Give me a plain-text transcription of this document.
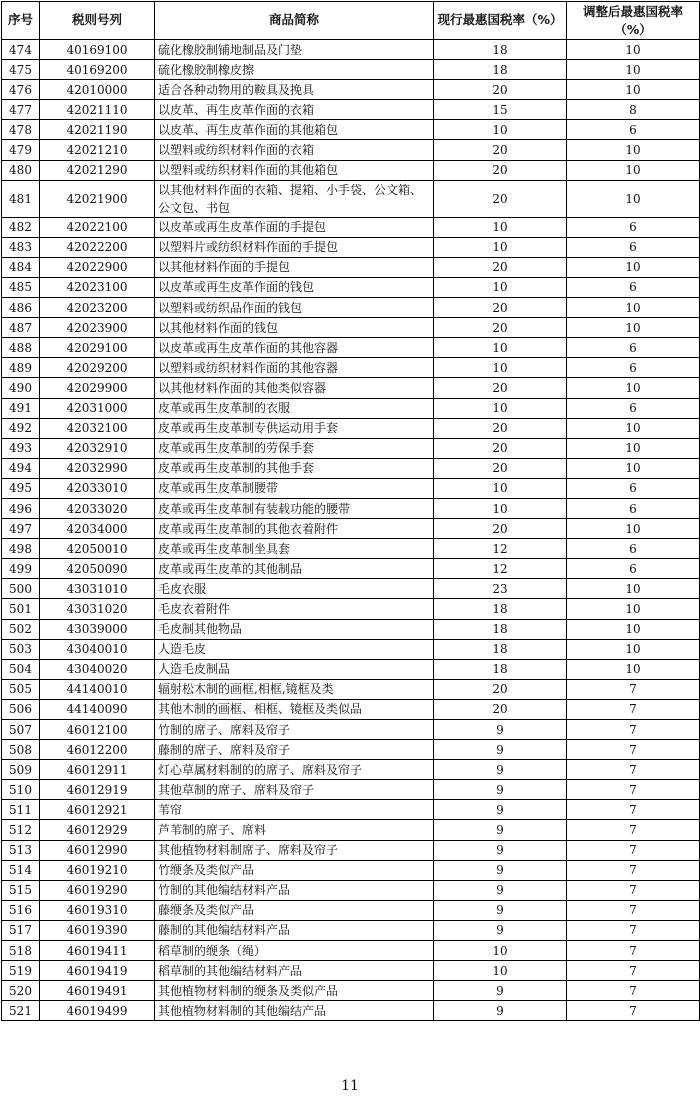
序号	税则号列	商品简称	现行最惠国税率（%）	调整后最惠国税率
（%）
474	40169100	硫化橡胶制铺地制品及门垫	18	10
475	40169200	硫化橡胶制橡皮擦	18	10
476	42010000	适合各种动物用的鞍具及挽具	20	10
477	42021110	以皮革、再生皮革作面的衣箱	15	8
478	42021190	以皮革、再生皮革作面的其他箱包	10	6
479	42021210	以塑料或纺织材料作面的衣箱	20	10
480	42021290	以塑料或纺织材料作面的其他箱包	20	10
481	42021900	以其他材料作面的衣箱、提箱、小手袋、公文箱、公文包、书包	20	10
482	42022100	以皮革或再生皮革作面的手提包	10	6
483	42022200	以塑料片或纺织材料作面的手提包	10	6
484	42022900	以其他材料作面的手提包	20	10
485	42023100	以皮革或再生皮革作面的钱包	10	6
486	42023200	以塑料或纺织品作面的钱包	20	10
487	42023900	以其他材料作面的钱包	20	10
488	42029100	以皮革或再生皮革作面的其他容器	10	6
489	42029200	以塑料或纺织材料作面的其他容器	10	6
490	42029900	以其他材料作面的其他类似容器	20	10
491	42031000	皮革或再生皮革制的衣服	10	6
492	42032100	皮革或再生皮革制专供运动用手套	20	10
493	42032910	皮革或再生皮革制的劳保手套	20	10
494	42032990	皮革或再生皮革制的其他手套	20	10
495	42033010	皮革或再生皮革制腰带	10	6
496	42033020	皮革或再生皮革制有装载功能的腰带	10	6
497	42034000	皮革或再生皮革制的其他衣着附件	20	10
498	42050010	皮革或再生皮革制坐具套	12	6
499	42050090	皮革或再生皮革的其他制品	12	6
500	43031010	毛皮衣服	23	10
501	43031020	毛皮衣着附件	18	10
502	43039000	毛皮制其他物品	18	10
503	43040010	人造毛皮	18	10
504	43040020	人造毛皮制品	18	10
505	44140010	辐射松木制的画框,相框,镜框及类	20	7
506	44140090	其他木制的画框、相框、镜框及类似品	20	7
507	46012100	竹制的席子、席料及帘子	9	7
508	46012200	藤制的席子、席料及帘子	9	7
509	46012911	灯心草属材料制的的席子、席料及帘子	9	7
510	46012919	其他草制的席子、席料及帘子	9	7
511	46012921	苇帘	9	7
512	46012929	芦苇制的席子、席料	9	7
513	46012990	其他植物材料制席子、席料及帘子	9	7
514	46019210	竹缏条及类似产品	9	7
515	46019290	竹制的其他编结材料产品	9	7
516	46019310	藤缏条及类似产品	9	7
517	46019390	藤制的其他编结材料产品	9	7
518	46019411	稻草制的缏条（绳）	10	7
519	46019419	稻草制的其他编结材料产品	10	7
520	46019491	其他植物材料制的缏条及类似产品	9	7
521	46019499	其他植物材料制的其他编结产品	9	7
11
